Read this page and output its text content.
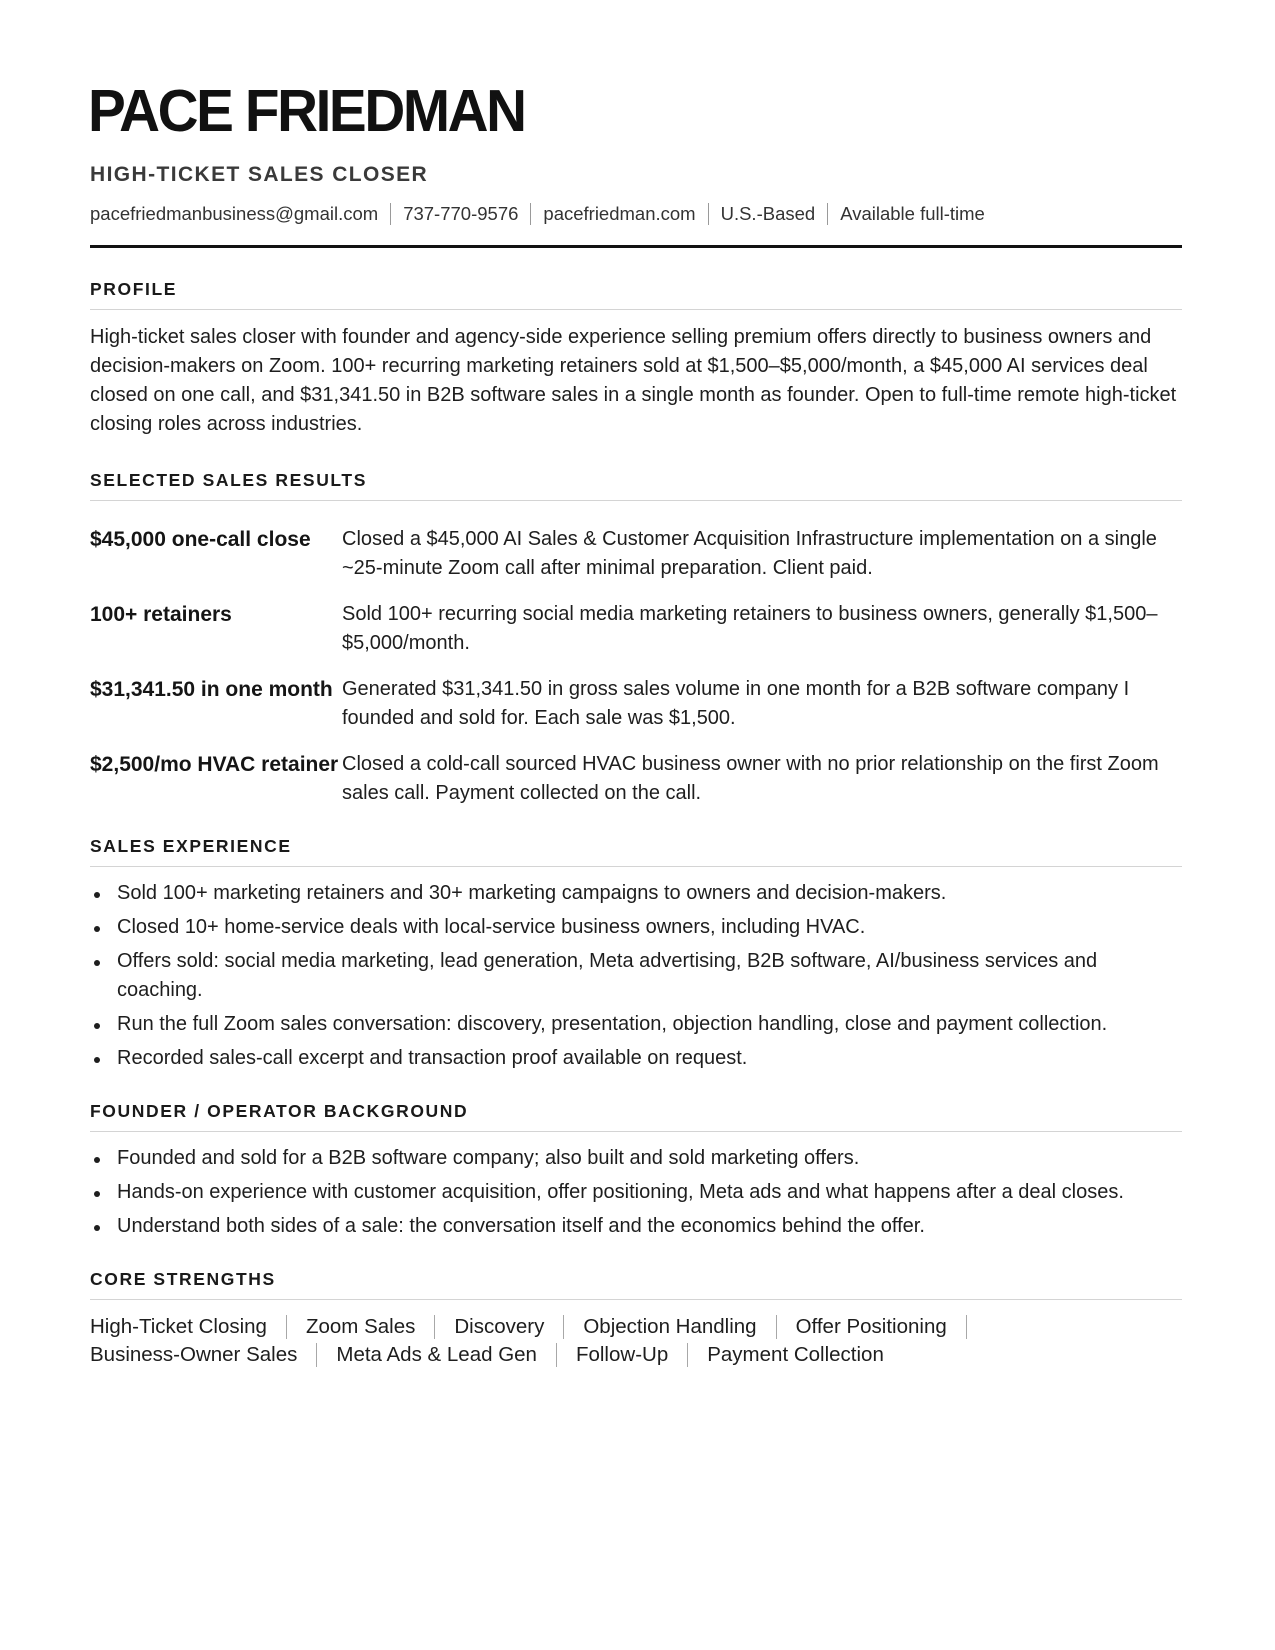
PACE FRIEDMAN
HIGH-TICKET SALES CLOSER
pacefriedmanbusiness@gmail.com 737-770-9576 pacefriedman.com U.S.-Based Available full-time
PROFILE
High-ticket sales closer with founder and agency-side experience selling premium offers directly to business owners and decision-makers on Zoom. 100+ recurring marketing retainers sold at $1,500–$5,000/month, a $45,000 AI services deal closed on one call, and $31,341.50 in B2B software sales in a single month as founder. Open to full-time remote high-ticket closing roles across industries.
SELECTED SALES RESULTS
$45,000 one-call close	Closed a $45,000 AI Sales & Customer Acquisition Infrastructure implementation on a single ~25-minute Zoom call after minimal preparation. Client paid.
100+ retainers	Sold 100+ recurring social media marketing retainers to business owners, generally $1,500–$5,000/month.
$31,341.50 in one month Generated $31,341.50 in gross sales volume in one month for a B2B software company I founded and sold for. Each sale was $1,500.
$2,500/mo HVAC retainer Closed a cold-call sourced HVAC business owner with no prior relationship on the first Zoom sales call. Payment collected on the call.
SALES EXPERIENCE
Sold 100+ marketing retainers and 30+ marketing campaigns to owners and decision-makers.
Closed 10+ home-service deals with local-service business owners, including HVAC.
Offers sold: social media marketing, lead generation, Meta advertising, B2B software, AI/business services and coaching.
Run the full Zoom sales conversation: discovery, presentation, objection handling, close and payment collection.
Recorded sales-call excerpt and transaction proof available on request.
FOUNDER / OPERATOR BACKGROUND
Founded and sold for a B2B software company; also built and sold marketing offers.
Hands-on experience with customer acquisition, offer positioning, Meta ads and what happens after a deal closes.
Understand both sides of a sale: the conversation itself and the economics behind the offer.
CORE STRENGTHS
High-Ticket Closing Zoom Sales Discovery Objection Handling Offer Positioning
Business-Owner Sales Meta Ads & Lead Gen Follow-Up Payment Collection
